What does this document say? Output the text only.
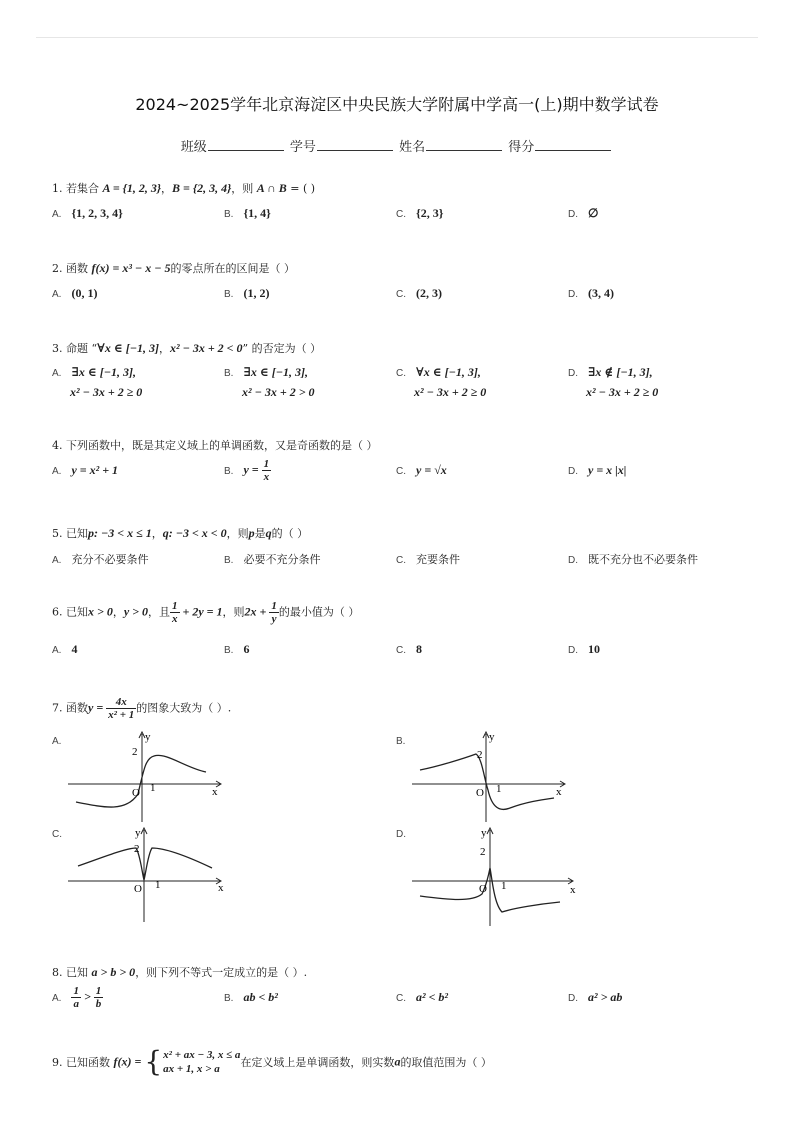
2024~2025学年北京海淀区中央民族大学附属中学高一(上)期中数学试卷
班级	学号	姓名	得分
1. 若集合 A = {1, 2, 3}，B = {2, 3, 4}，则 A ∩ B = ( )
A. {1, 2, 3, 4}	B. {1, 4}	C. {2, 3}	D. ∅
2. 函数 f(x) = x³ − x − 5的零点所在的区间是（ ）
A. (0, 1)	B. (1, 2)	C. (2, 3)	D. (3, 4)
3. 命题 “∀x ∈ [−1, 3]，x² − 3x + 2 < 0” 的否定为（ ）
A. ∃x ∈ [−1, 3],
x² − 3x + 2 ≥ 0
B. ∃x ∈ [−1, 3],
x² − 3x + 2 > 0
C. ∀x ∈ [−1, 3],
x² − 3x + 2 ≥ 0
D. ∃x ∉ [−1, 3],
x² − 3x + 2 ≥ 0
4. 下列函数中，既是其定义域上的单调函数，又是奇函数的是（ ）
A. y = x² + 1	B. $y = \frac{1}{x}$	C. y = √x	D. y = x |x|
5. 已知p: −3 < x ≤ 1，q: −3 < x < 0，则p是q的（ ）
A. 充分不必要条件	B. 必要不充分条件	C. 充要条件	D. 既不充分也不必要条件
6. 已知x > 0，y > 0，且 $\frac{1}{x} + 2y = 1$，则$2x + \frac{1}{y}$ 的最小值为（ ）
A. 4	B. 6	C. 8	D. 10
7. 函数$y = \frac{4x}{\text{x² + 1}}$ 的图象大致为（ ）.
A.	B.
C.	D.
2
O 1
y
x
2
O 1
y
x
2
O 1
y
x
2
O 1
y
x
8. 已知 a > b > 0，则下列不等式一定成立的是（ ）.
A. $\frac{1}{a} > \frac{1}{b}$	B. ab < b²	C. a² < b²	D. a² > ab
9. 已知函数 f(x) = {x² + ax − 3, x ≤ a
ax + 1, x > a 在定义域上是单调函数，则实数a的取值范围为（ ）
